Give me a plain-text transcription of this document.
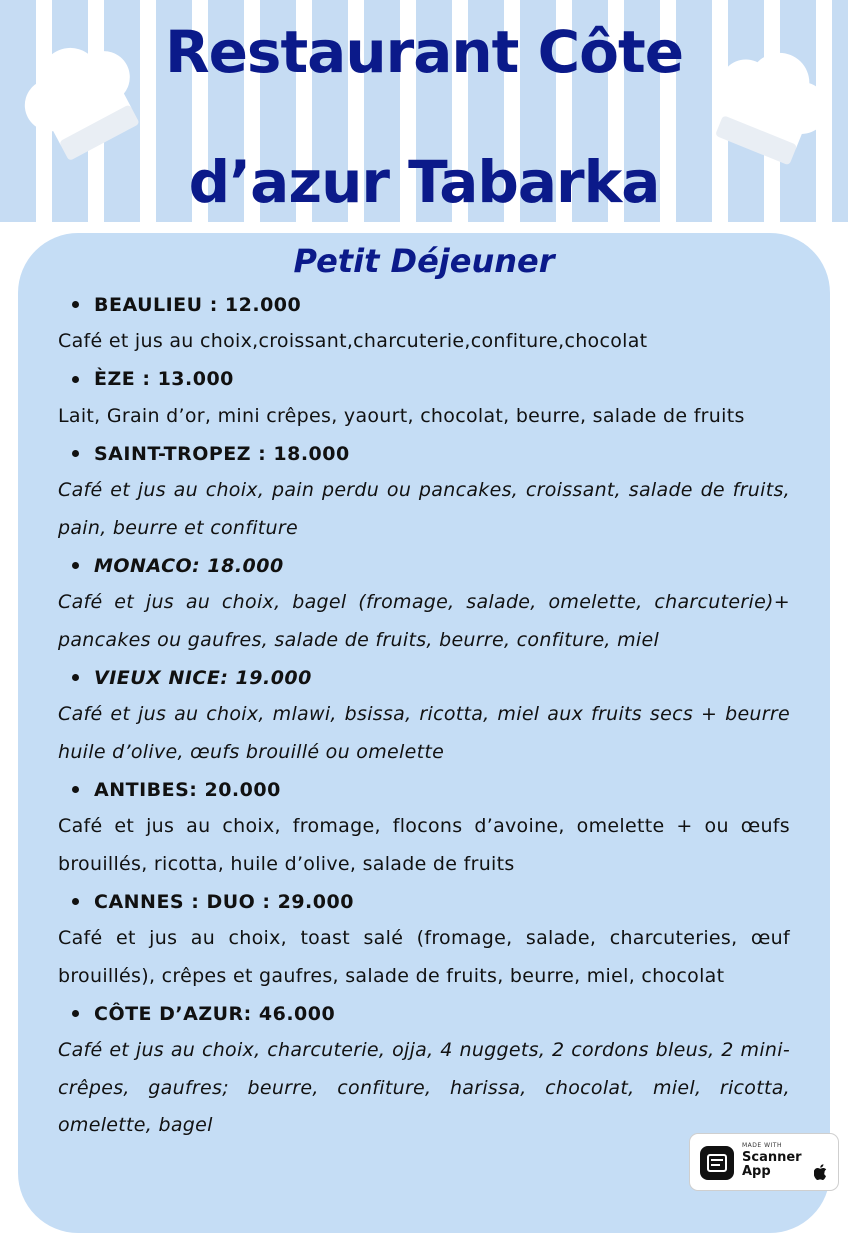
Restaurant Côte
d’azur Tabarka
Petit Déjeuner
BEAULIEU : 12.000

Café et jus au choix,croissant,charcuterie,confiture,chocolat

ÈZE : 13.000

Lait, Grain d’or, mini crêpes, yaourt, chocolat, beurre, salade de fruits

SAINT-TROPEZ : 18.000

Café et jus au choix, pain perdu ou pancakes, croissant, salade de fruits, pain, beurre et confiture

MONACO: 18.000

Café et jus au choix, bagel (fromage, salade, omelette, charcuterie)+ pancakes ou gaufres, salade de fruits, beurre, confiture, miel

VIEUX NICE: 19.000

Café et jus au choix, mlawi, bsissa, ricotta, miel aux fruits secs + beurre huile d’olive, œufs brouillé ou omelette

ANTIBES: 20.000

Café et jus au choix, fromage, flocons d’avoine, omelette + ou œufs brouillés, ricotta, huile d’olive, salade de fruits

CANNES : DUO : 29.000

Café et jus au choix, toast salé (fromage, salade, charcuteries, œuf brouillés), crêpes et gaufres, salade de fruits, beurre, miel, chocolat

CÔTE D’AZUR: 46.000

Café et jus au choix, charcuterie, ojja, 4 nuggets, 2 cordons bleus, 2 mini-crêpes, gaufres; beurre, confiture, harissa, chocolat, miel, ricotta, omelette, bagel

MADE WITH
Scanner
App
